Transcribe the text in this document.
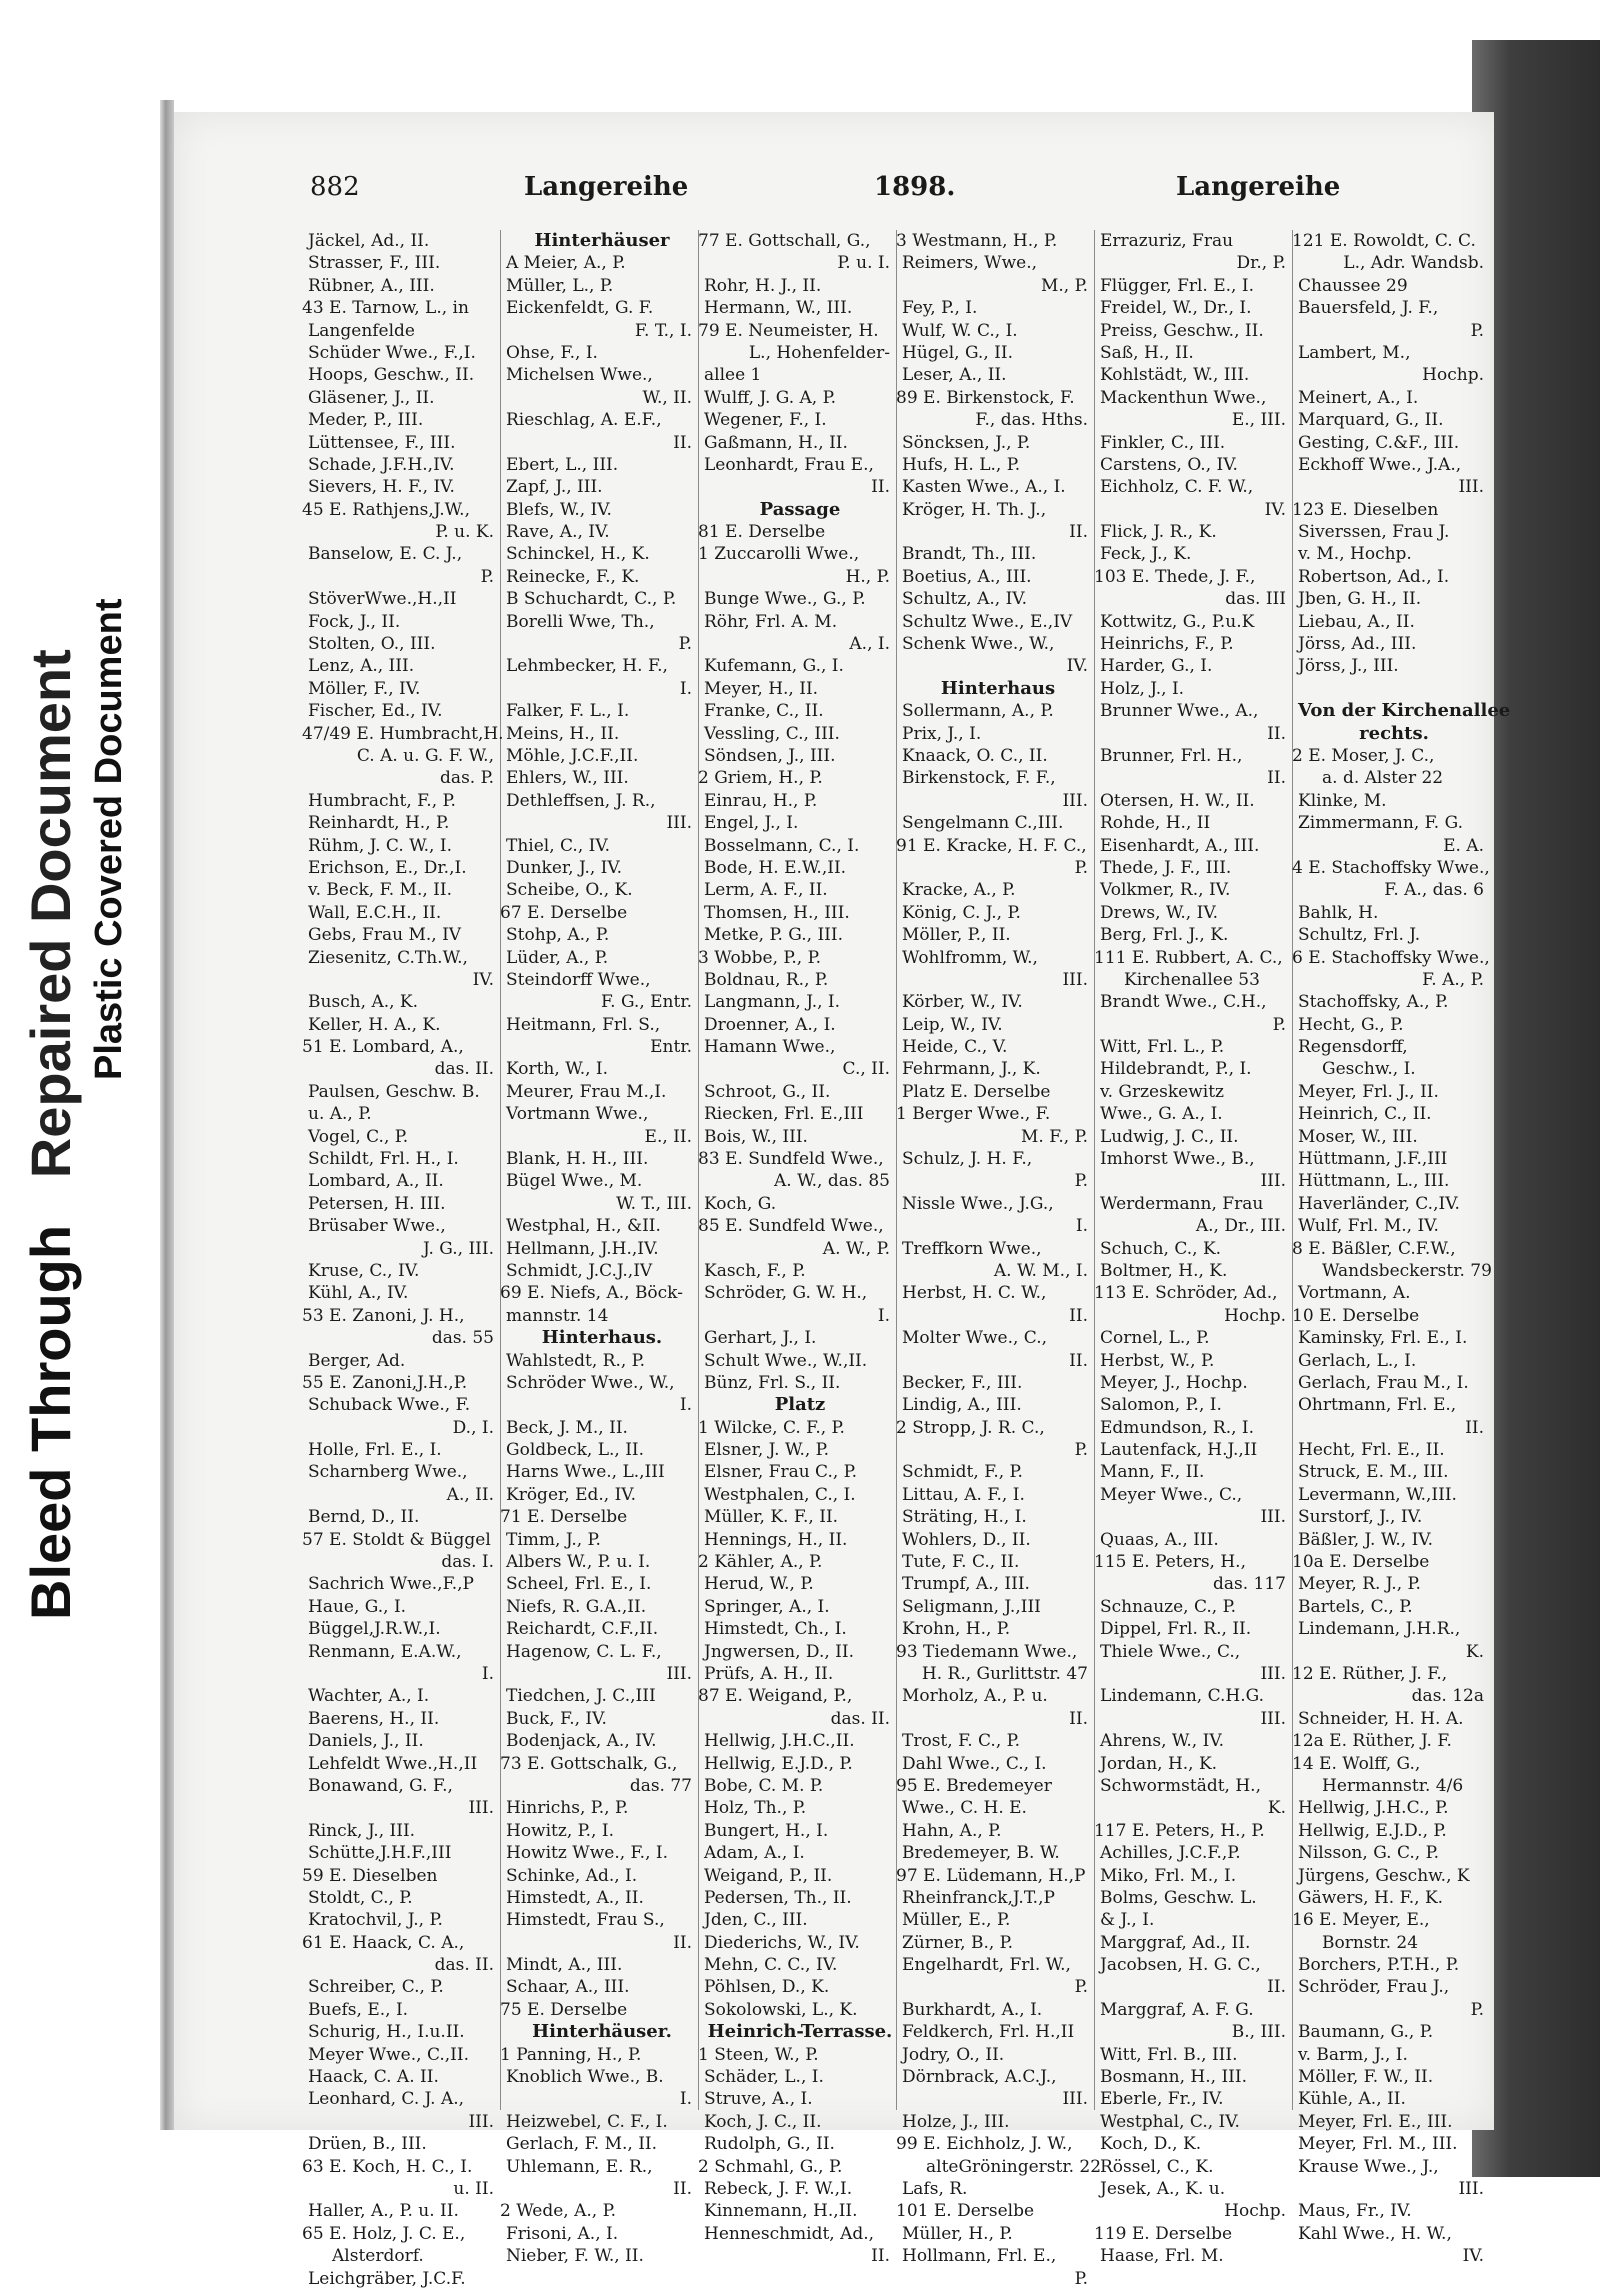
Bleed Through   Repaired Document Plastic Covered Document
882	Langereihe	1898.	Langereihe
Jäckel, Ad., II.
Strasser, F., III.
Rübner, A., III.
43 E. Tarnow, L., in
Langenfelde
Schüder Wwe., F.,I.
Hoops, Geschw., II.
Gläsener, J., II.
Meder, P., III.
Lüttensee, F., III.
Schade, J.F.H.,IV.
Sievers, H. F., IV.
45 E. Rathjens,J.W.,
P. u. K.
Banselow, E. C. J.,
P.
StöverWwe.,H.,II
Fock, J., II.
Stolten, O., III.
Lenz, A., III.
Möller, F., IV.
Fischer, Ed., IV.
47/49 E. Humbracht,H.
C. A. u. G. F. W.,
das. P.
Humbracht, F., P.
Reinhardt, H., P.
Rühm, J. C. W., I.
Erichson, E., Dr.,I.
v. Beck, F. M., II.
Wall, E.C.H., II.
Gebs, Frau M., IV
Ziesenitz, C.Th.W.,
IV.
Busch, A., K.
Keller, H. A., K.
51 E. Lombard, A.,
das. II.
Paulsen, Geschw. B.
u. A., P.
Vogel, C., P.
Schildt, Frl. H., I.
Lombard, A., II.
Petersen, H. III.
Brüsaber Wwe.,
J. G., III.
Kruse, C., IV.
Kühl, A., IV.
53 E. Zanoni, J. H.,
das. 55
Berger, Ad.
55 E. Zanoni,J.H.,P.
Schuback Wwe., F.
D., I.
Holle, Frl. E., I.
Scharnberg Wwe.,
A., II.
Bernd, D., II.
57 E. Stoldt & Büggel
das. I.
Sachrich Wwe.,F.,P
Haue, G., I.
Büggel,J.R.W.,I.
Renmann, E.A.W.,
I.
Wachter, A., I.
Baerens, H., II.
Daniels, J., II.
Lehfeldt Wwe.,H.,II
Bonawand, G. F.,
III.
Rinck, J., III.
Schütte,J.H.F.,III
59 E. Dieselben
Stoldt, C., P.
Kratochvil, J., P.
61 E. Haack, C. A.,
das. II.
Schreiber, C., P.
Buefs, E., I.
Schurig, H., I.u.II.
Meyer Wwe., C.,II.
Haack, C. A. II.
Leonhard, C. J. A.,
III.
Drüen, B., III.
63 E. Koch, H. C., I.
u. II.
Haller, A., P. u. II.
65 E. Holz, J. C. E.,
Alsterdorf.
Leichgräber, J.C.F.
Hinterhäuser
A Meier, A., P.
Müller, L., P.
Eickenfeldt, G. F.
F. T., I.
Ohse, F., I.
Michelsen Wwe.,
W., II.
Rieschlag, A. E.F.,
II.
Ebert, L., III.
Zapf, J., III.
Blefs, W., IV.
Rave, A., IV.
Schinckel, H., K.
Reinecke, F., K.
B Schuchardt, C., P.
Borelli Wwe, Th.,
P.
Lehmbecker, H. F.,
I.
Falker, F. L., I.
Meins, H., II.
Möhle, J.C.F.,II.
Ehlers, W., III.
Dethleffsen, J. R.,
III.
Thiel, C., IV.
Dunker, J., IV.
Scheibe, O., K.
67 E. Derselbe
Stohp, A., P.
Lüder, A., P.
Steindorff Wwe.,
F. G., Entr.
Heitmann, Frl. S.,
Entr.
Korth, W., I.
Meurer, Frau M.,I.
Vortmann Wwe.,
E., II.
Blank, H. H., III.
Bügel Wwe., M.
W. T., III.
Westphal, H., &II.
Hellmann, J.H.,IV.
Schmidt, J.C.J.,IV
69 E. Niefs, A., Böck-
mannstr. 14
Hinterhaus.
Wahlstedt, R., P.
Schröder Wwe., W.,
I.
Beck, J. M., II.
Goldbeck, L., II.
Harns Wwe., L.,III
Kröger, Ed., IV.
71 E. Derselbe
Timm, J., P.
Albers W., P. u. I.
Scheel, Frl. E., I.
Niefs, R. G.A.,II.
Reichardt, C.F.,II.
Hagenow, C. L. F.,
III.
Tiedchen, J. C.,III
Buck, F., IV.
Bodenjack, A., IV.
73 E. Gottschalk, G.,
das. 77
Hinrichs, P., P.
Howitz, P., I.
Howitz Wwe., F., I.
Schinke, Ad., I.
Himstedt, A., II.
Himstedt, Frau S.,
II.
Mindt, A., III.
Schaar, A., III.
75 E. Derselbe
Hinterhäuser.
1 Panning, H., P.
Knoblich Wwe., B.
I.
Heizwebel, C. F., I.
Gerlach, F. M., II.
Uhlemann, E. R.,
II.
2 Wede, A., P.
Frisoni, A., I.
Nieber, F. W., II.
77 E. Gottschall, G.,
P. u. I.
Rohr, H. J., II.
Hermann, W., III.
79 E. Neumeister, H.
L., Hohenfelder-
allee 1
Wulff, J. G. A, P.
Wegener, F., I.
Gaßmann, H., II.
Leonhardt, Frau E.,
II.
Passage
81 E. Derselbe
1 Zuccarolli Wwe.,
H., P.
Bunge Wwe., G., P.
Röhr, Frl. A. M.
A., I.
Kufemann, G., I.
Meyer, H., II.
Franke, C., II.
Vessling, C., III.
Söndsen, J., III.
2 Griem, H., P.
Einrau, H., P.
Engel, J., I.
Bosselmann, C., I.
Bode, H. E.W.,II.
Lerm, A. F., II.
Thomsen, H., III.
Metke, P. G., III.
3 Wobbe, P., P.
Boldnau, R., P.
Langmann, J., I.
Droenner, A., I.
Hamann Wwe.,
C., II.
Schroot, G., II.
Riecken, Frl. E.,III
Bois, W., III.
83 E. Sundfeld Wwe.,
A. W., das. 85
Koch, G.
85 E. Sundfeld Wwe.,
A. W., P.
Kasch, F., P.
Schröder, G. W. H.,
I.
Gerhart, J., I.
Schult Wwe., W.,II.
Bünz, Frl. S., II.
Platz
1 Wilcke, C. F., P.
Elsner, J. W., P.
Elsner, Frau C., P.
Westphalen, C., I.
Müller, K. F., II.
Hennings, H., II.
2 Kähler, A., P.
Herud, W., P.
Springer, A., I.
Himstedt, Ch., I.
Jngwersen, D., II.
Prüfs, A. H., II.
87 E. Weigand, P.,
das. II.
Hellwig, J.H.C.,II.
Hellwig, E.J.D., P.
Bobe, C. M. P.
Holz, Th., P.
Bungert, H., I.
Adam, A., I.
Weigand, P., II.
Pedersen, Th., II.
Jden, C., III.
Diederichs, W., IV.
Mehn, C. C., IV.
Pöhlsen, D., K.
Sokolowski, L., K.
Heinrich-Terrasse.
1 Steen, W., P.
Schäder, L., I.
Struve, A., I.
Koch, J. C., II.
Rudolph, G., II.
2 Schmahl, G., P.
Rebeck, J. F. W.,I.
Kinnemann, H.,II.
Henneschmidt, Ad.,
II.
3 Westmann, H., P.
Reimers, Wwe.,
M., P.
Fey, P., I.
Wulf, W. C., I.
Hügel, G., II.
Leser, A., II.
89 E. Birkenstock, F.
F., das. Hths.
Söncksen, J., P.
Hufs, H. L., P.
Kasten Wwe., A., I.
Kröger, H. Th. J.,
II.
Brandt, Th., III.
Boetius, A., III.
Schultz, A., IV.
Schultz Wwe., E.,IV
Schenk Wwe., W.,
IV.
Hinterhaus
Sollermann, A., P.
Prix, J., I.
Knaack, O. C., II.
Birkenstock, F. F.,
III.
Sengelmann C.,III.
91 E. Kracke, H. F. C.,
P.
Kracke, A., P.
König, C. J., P.
Möller, P., II.
Wohlfromm, W.,
III.
Körber, W., IV.
Leip, W., IV.
Heide, C., V.
Fehrmann, J., K.
Platz E. Derselbe
1 Berger Wwe., F.
M. F., P.
Schulz, J. H. F.,
P.
Nissle Wwe., J.G.,
I.
Treffkorn Wwe.,
A. W. M., I.
Herbst, H. C. W.,
II.
Molter Wwe., C.,
II.
Becker, F., III.
Lindig, A., III.
2 Stropp, J. R. C.,
P.
Schmidt, F., P.
Littau, A. F., I.
Sträting, H., I.
Wohlers, D., II.
Tute, F. C., II.
Trumpf, A., III.
Seligmann, J.,III
Krohn, H., P.
93 Tiedemann Wwe.,
H. R., Gurlittstr. 47
Morholz, A., P. u.
II.
Trost, F. C., P.
Dahl Wwe., C., I.
95 E. Bredemeyer
Wwe., C. H. E.
Hahn, A., P.
Bredemeyer, B. W.
97 E. Lüdemann, H.,P
Rheinfranck,J.T.,P
Müller, E., P.
Zürner, B., P.
Engelhardt, Frl. W.,
P.
Burkhardt, A., I.
Feldkerch, Frl. H.,II
Jodry, O., II.
Dörnbrack, A.C.J.,
III.
Holze, J., III.
99 E. Eichholz, J. W.,
alteGröningerstr. 22
Lafs, R.
101 E. Derselbe
Müller, H., P.
Hollmann, Frl. E.,
P.
Errazuriz, Frau
Dr., P.
Flügger, Frl. E., I.
Freidel, W., Dr., I.
Preiss, Geschw., II.
Saß, H., II.
Kohlstädt, W., III.
Mackenthun Wwe.,
E., III.
Finkler, C., III.
Carstens, O., IV.
Eichholz, C. F. W.,
IV.
Flick, J. R., K.
Feck, J., K.
103 E. Thede, J. F.,
das. III
Kottwitz, G., P.u.K
Heinrichs, F., P.
Harder, G., I.
Holz, J., I.
Brunner Wwe., A.,
II.
Brunner, Frl. H.,
II.
Otersen, H. W., II.
Rohde, H., II
Eisenhardt, A., III.
Thede, J. F., III.
Volkmer, R., IV.
Drews, W., IV.
Berg, Frl. J., K.
111 E. Rubbert, A. C.,
Kirchenallee 53
Brandt Wwe., C.H.,
P.
Witt, Frl. L., P.
Hildebrandt, P., I.
v. Grzeskewitz
Wwe., G. A., I.
Ludwig, J. C., II.
Imhorst Wwe., B.,
III.
Werdermann, Frau
A., Dr., III.
Schuch, C., K.
Boltmer, H., K.
113 E. Schröder, Ad.,
Hochp.
Cornel, L., P.
Herbst, W., P.
Meyer, J., Hochp.
Salomon, P., I.
Edmundson, R., I.
Lautenfack, H.J.,II
Mann, F., II.
Meyer Wwe., C.,
III.
Quaas, A., III.
115 E. Peters, H.,
das. 117
Schnauze, C., P.
Dippel, Frl. R., II.
Thiele Wwe., C.,
III.
Lindemann, C.H.G.
III.
Ahrens, W., IV.
Jordan, H., K.
Schwormstädt, H.,
K.
117 E. Peters, H., P.
Achilles, J.C.F.,P.
Miko, Frl. M., I.
Bolms, Geschw. L.
& J., I.
Marggraf, Ad., II.
Jacobsen, H. G. C.,
II.
Marggraf, A. F. G.
B., III.
Witt, Frl. B., III.
Bosmann, H., III.
Eberle, Fr., IV.
Westphal, C., IV.
Koch, D., K.
Rössel, C., K.
Jesek, A., K. u.
Hochp.
119 E. Derselbe
Haase, Frl. M.
121 E. Rowoldt, C. C.
L., Adr. Wandsb.
Chaussee 29
Bauersfeld, J. F.,
P.
Lambert, M.,
Hochp.
Meinert, A., I.
Marquard, G., II.
Gesting, C.&F., III.
Eckhoff Wwe., J.A.,
III.
123 E. Dieselben
Siverssen, Frau J.
v. M., Hochp.
Robertson, Ad., I.
Jben, G. H., II.
Liebau, A., II.
Jörss, Ad., III.
Jörss, J., III.
Von der Kirchenallee
rechts.
2 E. Moser, J. C.,
a. d. Alster 22
Klinke, M.
Zimmermann, F. G.
E. A.
4 E. Stachoffsky Wwe.,
F. A., das. 6
Bahlk, H.
Schultz, Frl. J.
6 E. Stachoffsky Wwe.,
F. A., P.
Stachoffsky, A., P.
Hecht, G., P.
Regensdorff,
Geschw., I.
Meyer, Frl. J., II.
Heinrich, C., II.
Moser, W., III.
Hüttmann, J.F.,III
Hüttmann, L., III.
Haverländer, C.,IV.
Wulf, Frl. M., IV.
8 E. Bäßler, C.F.W.,
Wandsbeckerstr. 79
Vortmann, A.
10 E. Derselbe
Kaminsky, Frl. E., I.
Gerlach, L., I.
Gerlach, Frau M., I.
Ohrtmann, Frl. E.,
II.
Hecht, Frl. E., II.
Struck, E. M., III.
Levermann, W.,III.
Surstorf, J., IV.
Bäßler, J. W., IV.
10a E. Derselbe
Meyer, R. J., P.
Bartels, C., P.
Lindemann, J.H.R.,
K.
12 E. Rüther, J. F.,
das. 12a
Schneider, H. H. A.
12a E. Rüther, J. F.
14 E. Wolff, G.,
Hermannstr. 4/6
Hellwig, J.H.C., P.
Hellwig, E.J.D., P.
Nilsson, G. C., P.
Jürgens, Geschw., K
Gäwers, H. F., K.
16 E. Meyer, E.,
Bornstr. 24
Borchers, P.T.H., P.
Schröder, Frau J.,
P.
Baumann, G., P.
v. Barm, J., I.
Möller, F. W., II.
Kühle, A., II.
Meyer, Frl. E., III.
Meyer, Frl. M., III.
Krause Wwe., J.,
III.
Maus, Fr., IV.
Kahl Wwe., H. W.,
IV.
